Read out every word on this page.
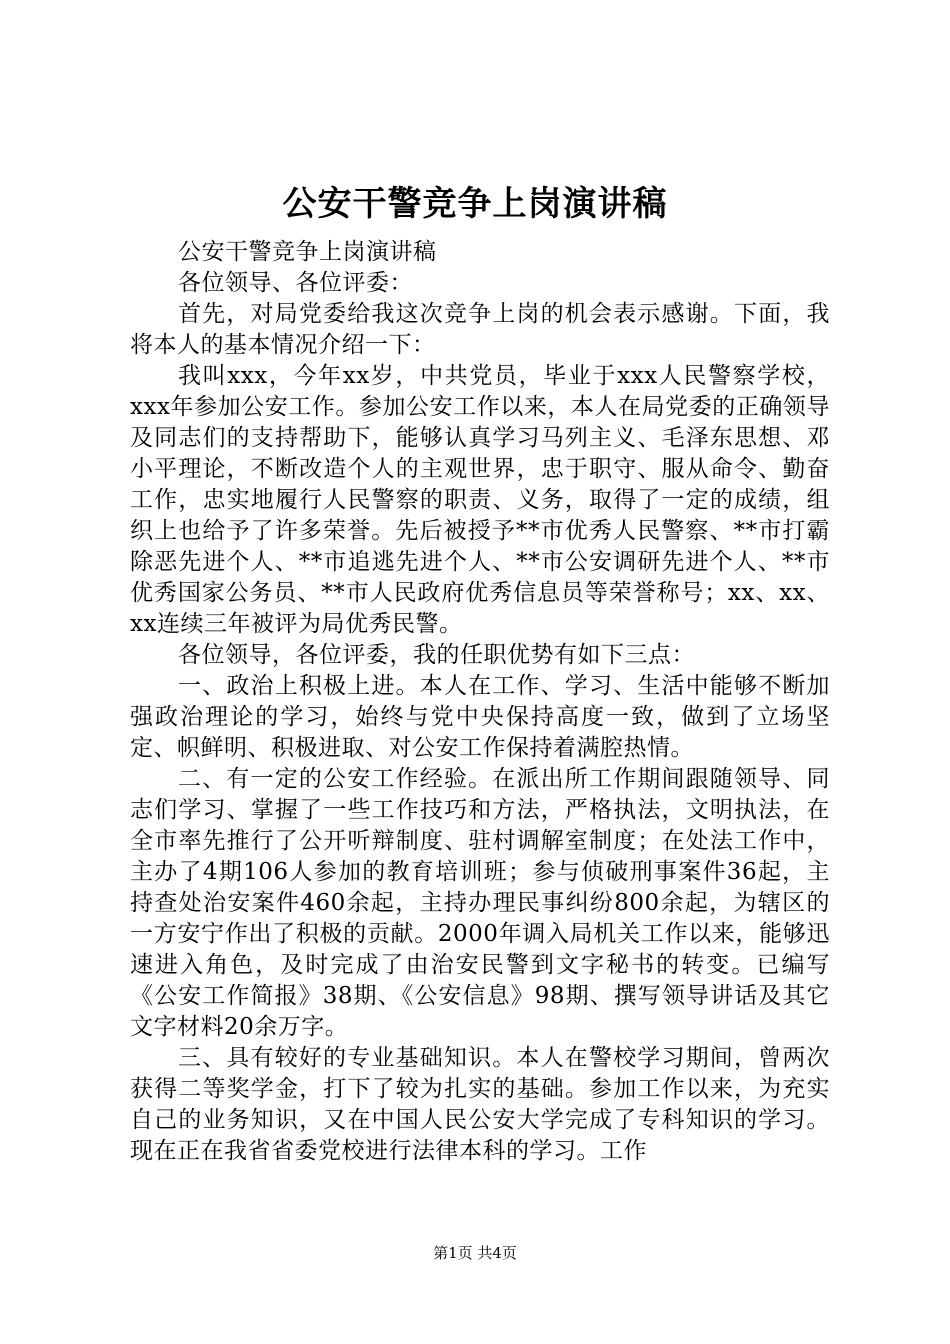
公安干警竞争上岗演讲稿

公安干警竞争上岗演讲稿

各位领导、各位评委：

首先，对局党委给我这次竞争上岗的机会表示感谢。下面，我将本人的基本情况介绍一下：

我叫xxx，今年xx岁，中共党员，毕业于xxx人民警察学校，xxx年参加公安工作。参加公安工作以来，本人在局党委的正确领导及同志们的支持帮助下，能够认真学习马列主义、毛泽东思想、邓小平理论，不断改造个人的主观世界，忠于职守、服从命令、勤奋工作，忠实地履行人民警察的职责、义务，取得了一定的成绩，组织上也给予了许多荣誉。先后被授予**市优秀人民警察、**市打霸除恶先进个人、**市追逃先进个人、**市公安调研先进个人、**市优秀国家公务员、**市人民政府优秀信息员等荣誉称号；xx、xx、xx连续三年被评为局优秀民警。

各位领导，各位评委，我的任职优势有如下三点：

一、政治上积极上进。本人在工作、学习、生活中能够不断加强政治理论的学习，始终与党中央保持高度一致，做到了立场坚定、帜鲜明、积极进取、对公安工作保持着满腔热情。

二、有一定的公安工作经验。在派出所工作期间跟随领导、同志们学习、掌握了一些工作技巧和方法，严格执法，文明执法，在全市率先推行了公开听辩制度、驻村调解室制度；在处法工作中，主办了4期106人参加的教育培训班；参与侦破刑事案件36起，主持查处治安案件460余起，主持办理民事纠纷800余起，为辖区的一方安宁作出了积极的贡献。2000年调入局机关工作以来，能够迅速进入角色，及时完成了由治安民警到文字秘书的转变。已编写《公安工作简报》38期、《公安信息》98期、撰写领导讲话及其它文字材料20余万字。

三、具有较好的专业基础知识。本人在警校学习期间，曾两次获得二等奖学金，打下了较为扎实的基础。参加工作以来，为充实自己的业务知识，又在中国人民公安大学完成了专科知识的学习。现在正在我省省委党校进行法律本科的学习。工作

第1页 共4页
